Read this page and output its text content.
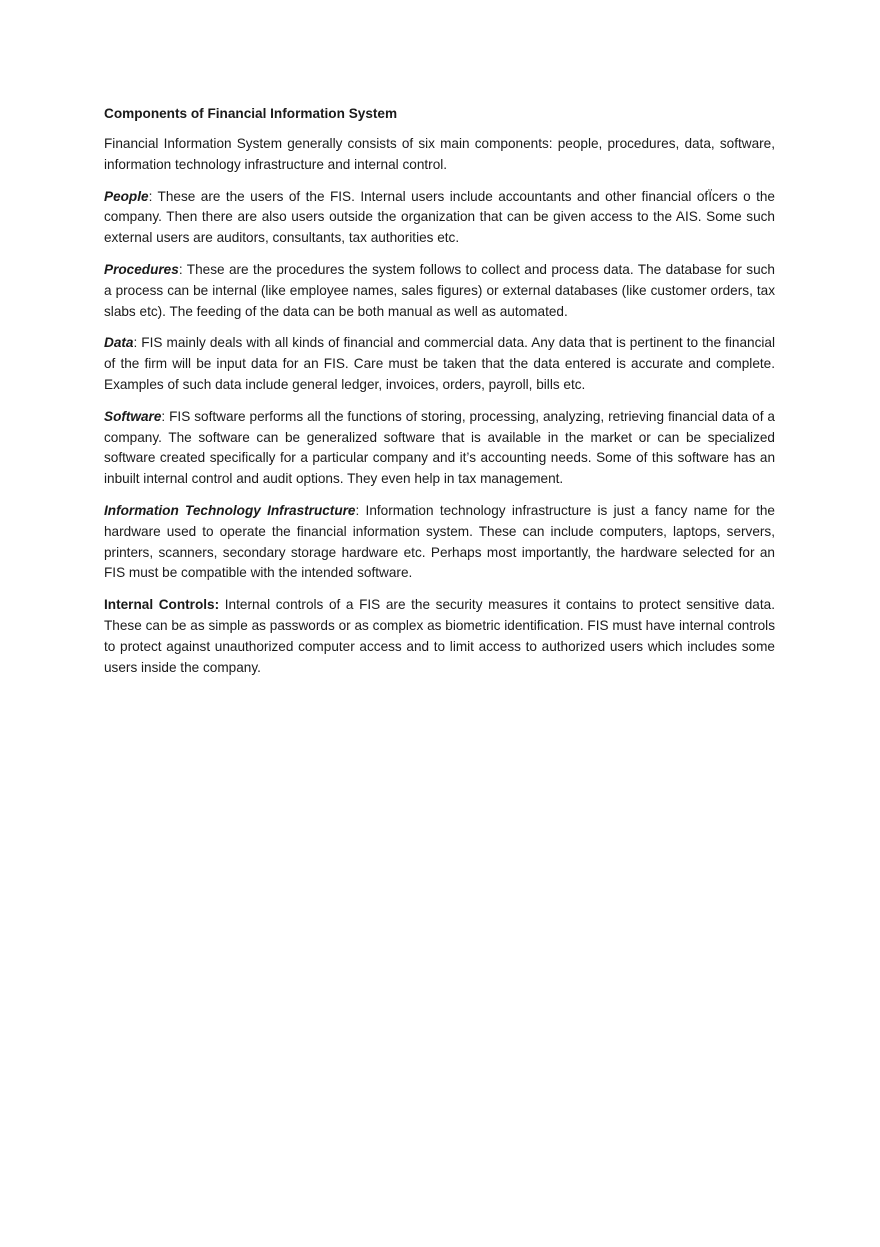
Components of Financial Information System

Financial Information System generally consists of six main components: people, procedures, data, software, information technology infrastructure and internal control.

People: These are the users of the FIS. Internal users include accountants and other financial ofÏcers o the company. Then there are also users outside the organization that can be given access to the AIS. Some such external users are auditors, consultants, tax authorities etc.

Procedures: These are the procedures the system follows to collect and process data. The database for such a process can be internal (like employee names, sales figures) or external databases (like customer orders, tax slabs etc). The feeding of the data can be both manual as well as automated.

Data: FIS mainly deals with all kinds of financial and commercial data. Any data that is pertinent to the financial of the firm will be input data for an FIS. Care must be taken that the data entered is accurate and complete. Examples of such data include general ledger, invoices, orders, payroll, bills etc.

Software: FIS software performs all the functions of storing, processing, analyzing, retrieving financial data of a company. The software can be generalized software that is available in the market or can be specialized software created specifically for a particular company and it’s accounting needs. Some of this software has an inbuilt internal control and audit options. They even help in tax management.

Information Technology Infrastructure: Information technology infrastructure is just a fancy name for the hardware used to operate the financial information system. These can include computers, laptops, servers, printers, scanners, secondary storage hardware etc. Perhaps most importantly, the hardware selected for an FIS must be compatible with the intended software.

Internal Controls: Internal controls of a FIS are the security measures it contains to protect sensitive data. These can be as simple as passwords or as complex as biometric identification. FIS must have internal controls to protect against unauthorized computer access and to limit access to authorized users which includes some users inside the company.
